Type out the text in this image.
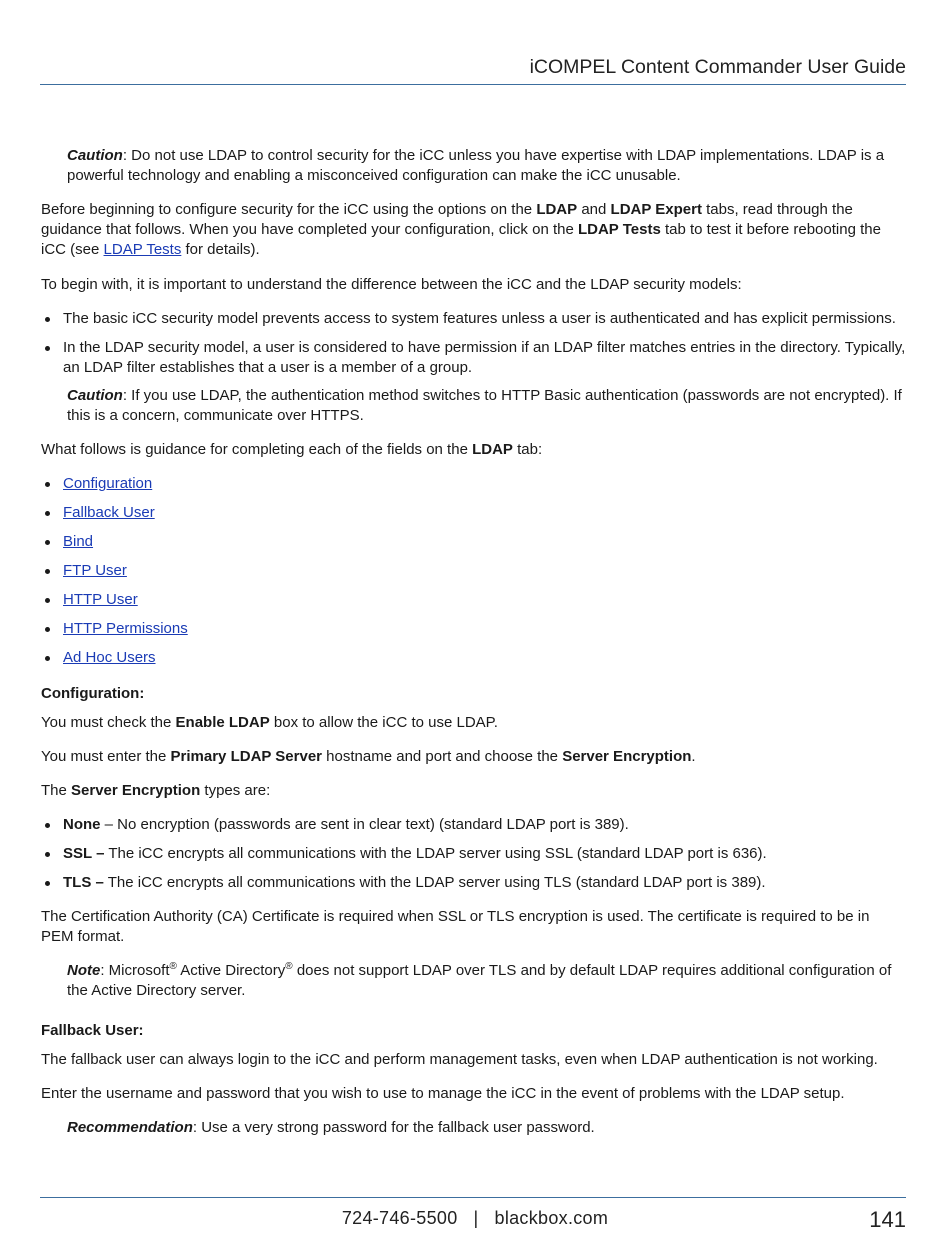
iCOMPEL Content Commander User Guide

Caution: Do not use LDAP to control security for the iCC unless you have expertise with LDAP implementations. LDAP is a powerful technology and enabling a misconceived configuration can make the iCC unusable.

Before beginning to configure security for the iCC using the options on the LDAP and LDAP Expert tabs, read through the guidance that follows. When you have completed your configuration, click on the LDAP Tests tab to test it before rebooting the iCC (see LDAP Tests for details).

To begin with, it is important to understand the difference between the iCC and the LDAP security models:

The basic iCC security model prevents access to system features unless a user is authenticated and has explicit permissions.
In the LDAP security model, a user is considered to have permission if an LDAP filter matches entries in the directory. Typically, an LDAP filter establishes that a user is a member of a group.

Caution: If you use LDAP, the authentication method switches to HTTP Basic authentication (passwords are not encrypted). If this is a concern, communicate over HTTPS.

What follows is guidance for completing each of the fields on the LDAP tab:

Configuration
Fallback User
Bind
FTP User
HTTP User
HTTP Permissions
Ad Hoc Users

Configuration:

You must check the Enable LDAP box to allow the iCC to use LDAP.

You must enter the Primary LDAP Server hostname and port and choose the Server Encryption.

The Server Encryption types are:

None – No encryption (passwords are sent in clear text) (standard LDAP port is 389).
SSL – The iCC encrypts all communications with the LDAP server using SSL (standard LDAP port is 636).
TLS – The iCC encrypts all communications with the LDAP server using TLS (standard LDAP port is 389).

The Certification Authority (CA) Certificate is required when SSL or TLS encryption is used. The certificate is required to be in PEM format.

Note: Microsoft® Active Directory® does not support LDAP over TLS and by default LDAP requires additional configuration of the Active Directory server.

Fallback User:

The fallback user can always login to the iCC and perform management tasks, even when LDAP authentication is not working.

Enter the username and password that you wish to use to manage the iCC in the event of problems with the LDAP setup.

Recommendation: Use a very strong password for the fallback user password.

724-746-5500 | blackbox.com	141
